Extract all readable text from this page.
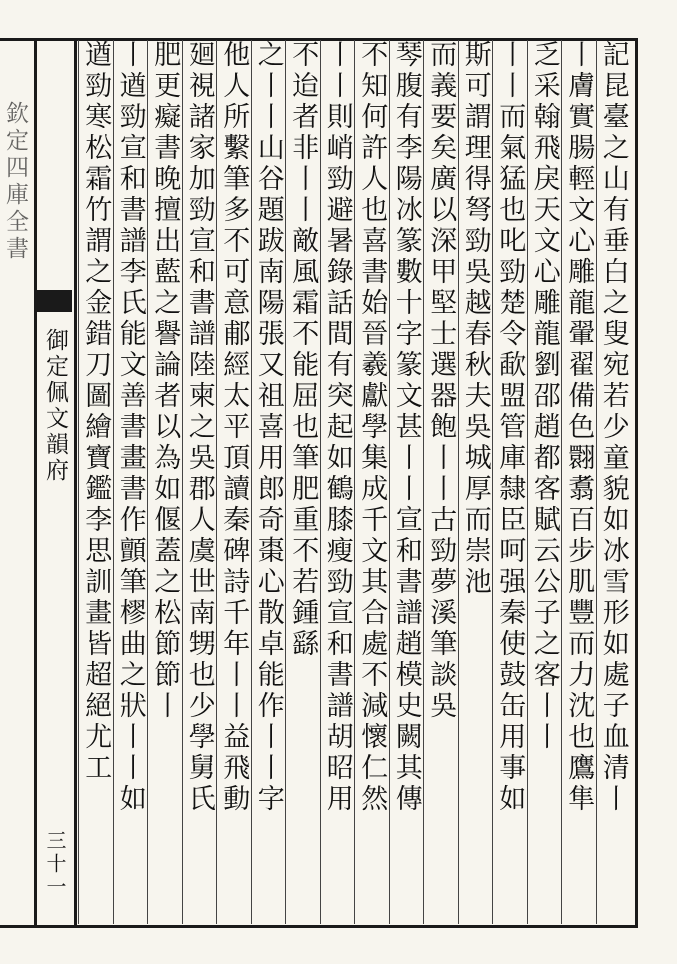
欽定四庫全書
御定佩文韻府
三十一
記昆臺之山有垂白之叟宛若少童貌如冰雪形如處子血清丨
丨膚實腸輕文心雕龍翬翟備色翾翥百步肌豐而力沈也鷹隼
乏采翰飛戾天文心雕龍劉邵趙都客賦云公子之客丨丨
丨丨而氣猛也叱勁楚令歃盟管庫隸臣呵强秦使鼓缶用事如
斯可謂理得弩勁吳越春秋夫吳城厚而崇池
而義要矣廣以深甲堅士選器飽丨丨古勁夢溪筆談吳
琴腹有李陽冰篆數十字篆文甚丨丨宣和書譜趙模史闕其傳
不知何許人也喜書始晉羲獻學集成千文其合處不減懷仁然
丨丨則峭勁避暑錄話間有突起如鶴膝瘦勁宣和書譜胡昭用
不迨者非丨丨敵風霜不能屈也筆肥重不若鍾繇
之丨丨山谷題跋南陽張又祖喜用郎奇棗心散卓能作丨丨字
他人所繫筆多不可意郙經太平頂讀秦碑詩千年丨丨益飛動
廻視諸家加勁宣和書譜陸柬之吳郡人虞世南甥也少學舅氏
肥更癡書晚擅出藍之譽論者以為如偃蓋之松節節丨
丨遒勁宣和書譜李氏能文善書畫書作顫筆樛曲之狀丨丨如
遒勁寒松霜竹謂之金錯刀圖繪寶鑑李思訓畫皆超絕尤工
